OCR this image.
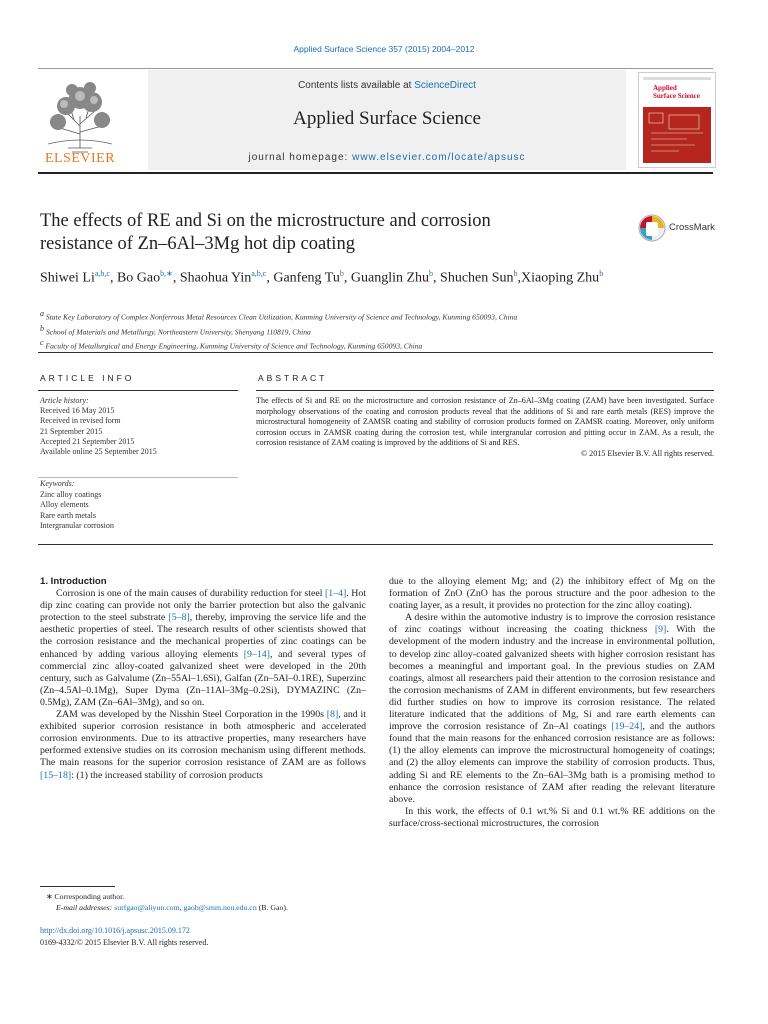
Applied Surface Science 357 (2015) 2004–2012
ELSEVIER
Contents lists available at ScienceDirect
Applied Surface Science
journal homepage: www.elsevier.com/locate/apsusc
Applied
Surface Science
The effects of RE and Si on the microstructure and corrosion
resistance of Zn–6Al–3Mg hot dip coating
CrossMark
Shiwei Li$^{a,b,c}$, Bo Gao$^{b,∗}$, Shaohua Yin$^{a,b,c}$, Ganfeng Tu$^b$, Guanglin Zhu$^b$, Shuchen Sun$^b$,Xiaoping Zhu$^b$
$^a$ State Key Laboratory of Complex Nonferrous Metal Resources Clean Utilization, Kunming University of Science and Technology, Kunming 650093, China
$^b$ School of Materials and Metallurgy, Northeastern University, Shenyang 110819, China
$^c$ Faculty of Metallurgical and Energy Engineering, Kunming University of Science and Technology, Kunming 650093, China
ARTICLE INFO	ABSTRACT
Article history:
Received 16 May 2015
Received in revised form
21 September 2015
Accepted 21 September 2015
Available online 25 September 2015
Keywords:
Zinc alloy coatings
Alloy elements
Rare earth metals
Intergranular corrosion
The effects of Si and RE on the microstructure and corrosion resistance of Zn–6Al–3Mg coating (ZAM) have been investigated. Surface morphology observations of the coating and corrosion products reveal that the additions of Si and rare earth metals (RES) improve the microstructural homogeneity of ZAMSR coating and stability of corrosion products formed on ZAMSR coating. Moreover, only uniform corrosion occurs in ZAMSR coating during the corrosion test, while intergranular corrosion and pitting occur in ZAM. As a result, the corrosion resistance of ZAM coating is improved by the additions of Si and RES.
© 2015 Elsevier B.V. All rights reserved.

1. Introduction

Corrosion is one of the main causes of durability reduction for steel [1–4]. Hot dip zinc coating can provide not only the barrier protection but also the galvanic protection to the steel substrate [5–8], thereby, improving the service life and the aesthetic properties of steel. The research results of other scientists showed that the corrosion resistance and the mechanical properties of zinc coatings can be enhanced by adding various alloying elements [9–14], and several types of commercial zinc alloy-coated galvanized sheet were developed in the 20th century, such as Galvalume (Zn–55Al–1.6Si), Galfan (Zn–5Al–0.1RE), Superzinc (Zn–4.5Al–0.1Mg), Super Dyma (Zn–11Al–3Mg–0.2Si), DYMAZINC (Zn–0.5Mg), ZAM (Zn–6Al–3Mg), and so on.

ZAM was developed by the Nisshin Steel Corporation in the 1990s [8], and it exhibited superior corrosion resistance in both atmospheric and accelerated corrosion environments. Due to its attractive properties, many researchers have performed extensive studies on its corrosion mechanism using different methods. The main reasons for the superior corrosion resistance of ZAM are as follows [15–18]: (1) the increased stability of corrosion products

due to the alloying element Mg; and (2) the inhibitory effect of Mg on the formation of ZnO (ZnO has the porous structure and the poor adhesion to the coating layer, as a result, it provides no protection for the zinc alloy coating).

A desire within the automotive industry is to improve the corrosion resistance of zinc coatings without increasing the coating thickness [9]. With the development of the modern industry and the increase in environmental pollution, to develop zinc alloy-coated galvanized sheets with higher corrosion resistant has becomes a meaningful and important goal. In the previous studies on ZAM coatings, almost all researchers paid their attention to the corrosion resistance and the corrosion mechanisms of ZAM in different environments, but few researchers did further studies on how to improve its corrosion resistance. The related literature indicated that the additions of Mg, Si and rare earth elements can improve the corrosion resistance of Zn–Al coatings [19–24], and the authors found that the main reasons for the enhanced corrosion resistance are as follows: (1) the alloy elements can improve the microstructural homogeneity of coatings; and (2) the alloy elements can improve the stability of corrosion products. Thus, adding Si and RE elements to the Zn–6Al–3Mg bath is a promising method to enhance the corrosion resistance of ZAM after reading the relevant literature above.

In this work, the effects of 0.1 wt.% Si and 0.1 wt.% RE additions on the surface/cross-sectional microstructures, the corrosion

∗ Corresponding author.
E-mail addresses: surfgao@aliyun.com, gaob@smm.neu.edu.cn (B. Gao).
http://dx.doi.org/10.1016/j.apsusc.2015.09.172
0169-4332/© 2015 Elsevier B.V. All rights reserved.
